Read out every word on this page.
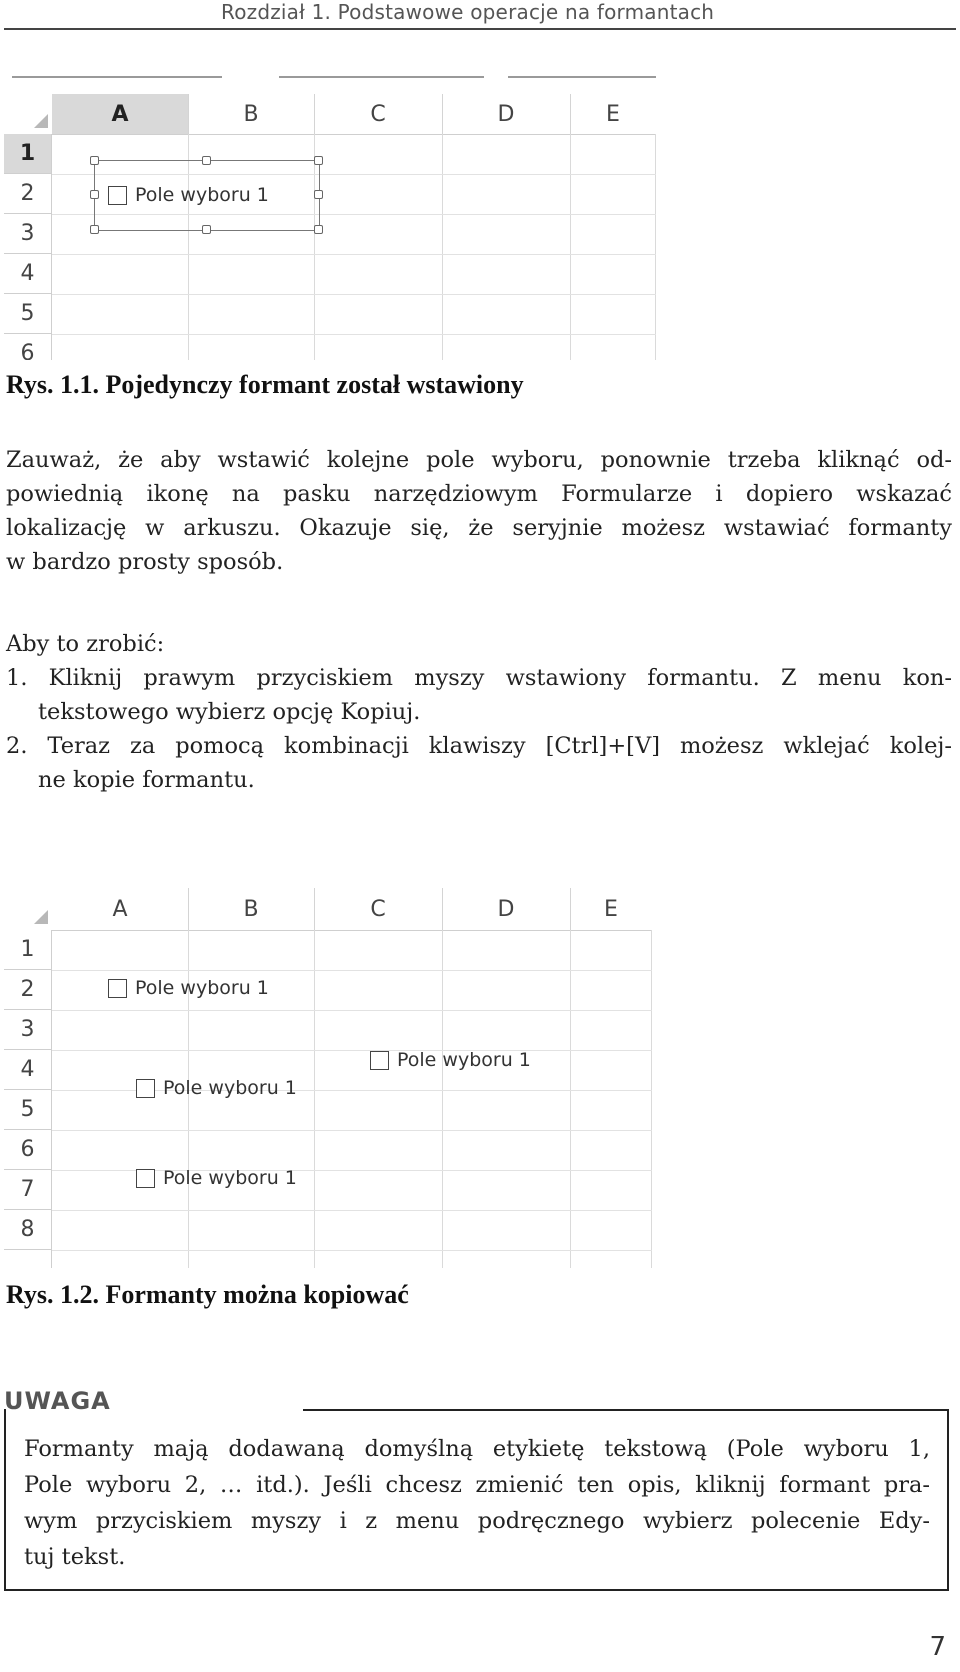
Rozdział 1. Podstawowe operacje na formantach
A	B	C	D	E
1
2
3
4
5
6
Pole wyboru 1
Rys. 1.1. Pojedynczy formant został wstawiony

Zauważ, że aby wstawić kolejne pole wyboru, ponownie trzeba kliknąć od-

powiednią ikonę na pasku narzędziowym Formularze i dopiero wskazać

lokalizację w arkuszu. Okazuje się, że seryjnie możesz wstawiać formanty

w bardzo prosty sposób.

Aby to zrobić:

1. Kliknij prawym przyciskiem myszy wstawiony formantu. Z menu kon-

tekstowego wybierz opcję Kopiuj.

2. Teraz za pomocą kombinacji klawiszy [Ctrl]+[V] możesz wklejać kolej-

ne kopie formantu.

A	B	C	D	E
1
2
3
4
5
6
7
8
Pole wyboru 1
Pole wyboru 1
Pole wyboru 1
Pole wyboru 1
Rys. 1.2. Formanty można kopiować
Formanty mają dodawaną domyślną etykietę tekstową (Pole wyboru 1,
Pole wyboru 2, … itd.). Jeśli chcesz zmienić ten opis, kliknij formant pra-
wym przyciskiem myszy i z menu podręcznego wybierz polecenie Edy-
tuj tekst.
UWAGA
7
